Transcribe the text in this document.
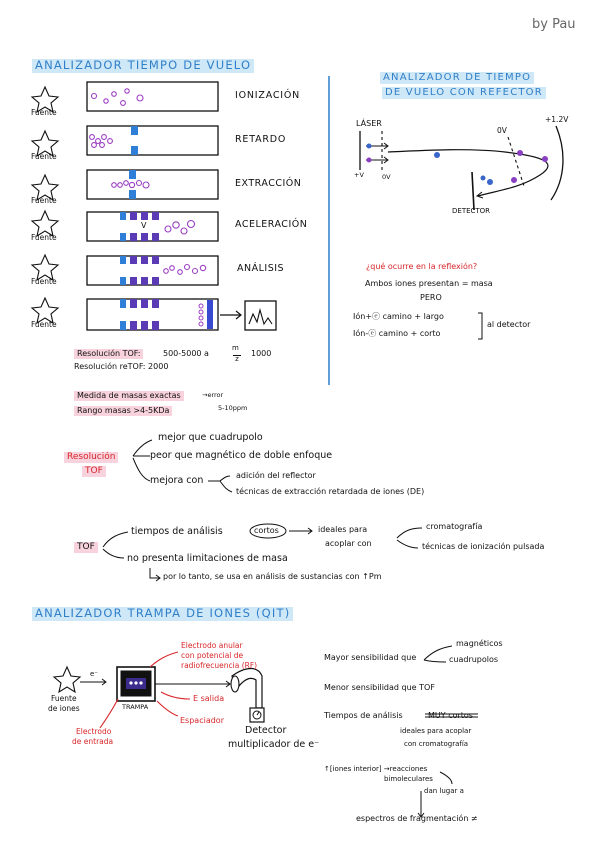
by Pau
ANALIZADOR TIEMPO DE VUELO
Fuente
Fuente
Fuente
Fuente
Fuente
Fuente
IONIZACIÓN
RETARDO
EXTRACCIÓN
ACELERACIÓN
ANÁLISIS
V
Resolución TOF:	500-5000 a
m
z
1000
Resolución reTOF: 2000
Medida de masas exactas	→error
Rango masas >4-5KDa	5-10ppm
ANALIZADOR DE TIEMPO
DE VUELO CON REFECTOR
LÁSER
0V
+1.2V
+V	0V
DETECTOR
¿qué ocurre en la reflexión?
Ambos iones presentan = masa
PERO
Ión+ⓔ camino + largo
Ión-ⓔ camino + corto
al detector
Resolución
TOF
mejor que cuadrupolo
peor que magnético de doble enfoque
mejora con	adición del reflector
técnicas de extracción retardada de iones (DE)
TOF
tiempos de análisis	cortos	ideales para
acoplar con
cromatografía
técnicas de ionización pulsada
no presenta limitaciones de masa
por lo tanto, se usa en análisis de sustancias con ↑Pm
ANALIZADOR TRAMPA DE IONES (QIT)
Fuente
de iones
e⁻
TRAMPA
Electrodo anular
con potencial de
radiofrecuencia (RF)
E salida
Espaciador
Electrodo
de entrada
Detector
multiplicador de e⁻
Mayor sensibilidad que
magnéticos
cuadrupolos
Menor sensibilidad que TOF
Tiempos de análisis	MUY cortos
ideales para acoplar
con cromatografía
↑[iones interior] →reacciones
bimoleculares
dan lugar a
espectros de fragmentación ≠
